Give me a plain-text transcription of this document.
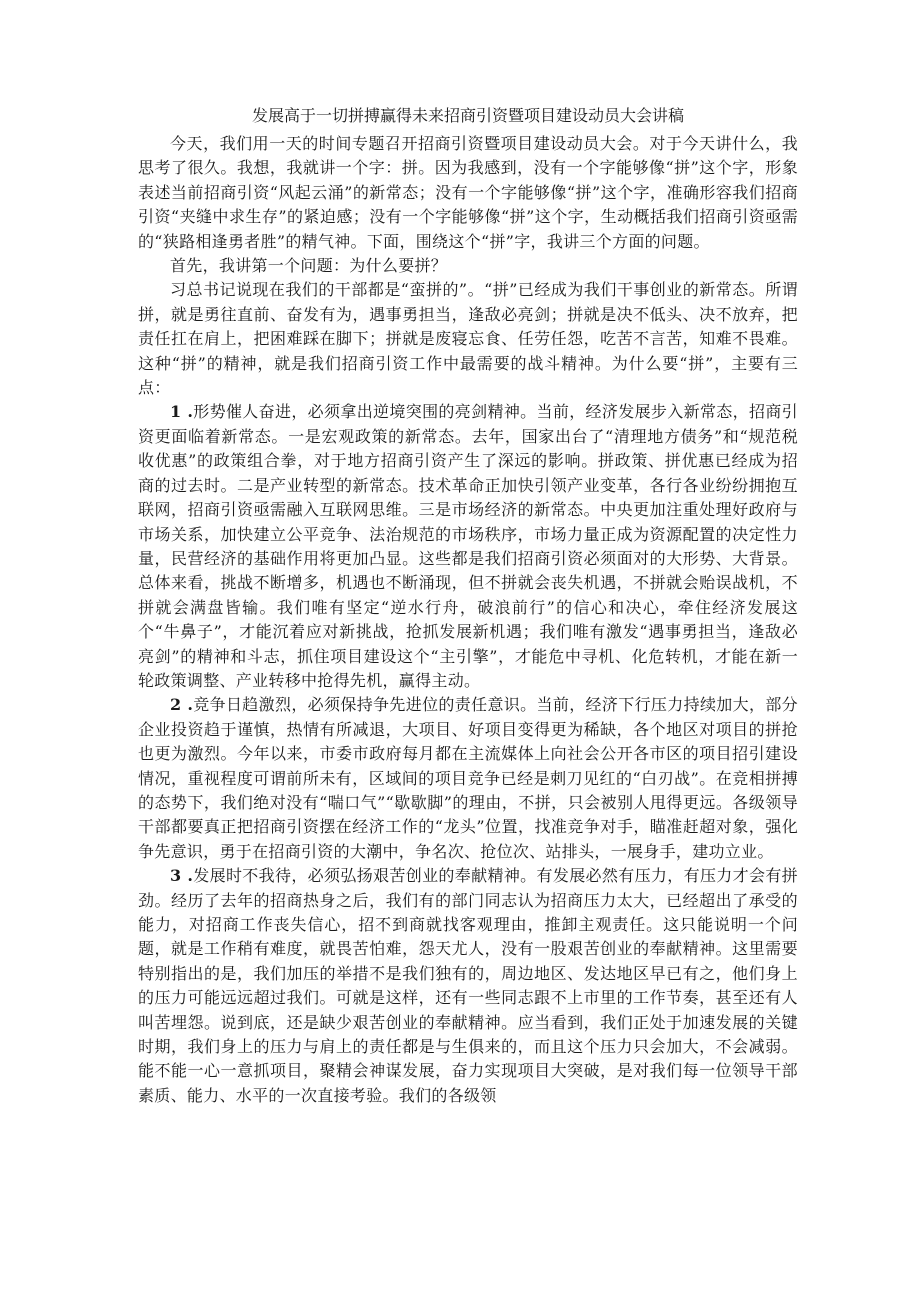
发展高于一切拼搏赢得未来招商引资暨项目建设动员大会讲稿

今天，我们用一天的时间专题召开招商引资暨项目建设动员大会。对于今天讲什么，我思考了很久。我想，我就讲一个字：拼。因为我感到，没有一个字能够像“拼”这个字，形象表述当前招商引资“风起云涌”的新常态；没有一个字能够像“拼”这个字，准确形容我们招商引资“夹缝中求生存”的紧迫感；没有一个字能够像“拼”这个字，生动概括我们招商引资亟需的“狭路相逢勇者胜”的精气神。下面，围绕这个“拼”字，我讲三个方面的问题。

首先，我讲第一个问题：为什么要拼？

习总书记说现在我们的干部都是“蛮拼的”。“拼”已经成为我们干事创业的新常态。所谓拼，就是勇往直前、奋发有为，遇事勇担当，逢敌必亮剑；拼就是决不低头、决不放弃，把责任扛在肩上，把困难踩在脚下；拼就是废寝忘食、任劳任怨，吃苦不言苦，知难不畏难。这种“拼”的精神，就是我们招商引资工作中最需要的战斗精神。为什么要“拼”，主要有三点：

1 .形势催人奋进，必须拿出逆境突围的亮剑精神。当前，经济发展步入新常态，招商引资更面临着新常态。一是宏观政策的新常态。去年，国家出台了“清理地方债务”和“规范税收优惠”的政策组合拳，对于地方招商引资产生了深远的影响。拼政策、拼优惠已经成为招商的过去时。二是产业转型的新常态。技术革命正加快引领产业变革，各行各业纷纷拥抱互联网，招商引资亟需融入互联网思维。三是市场经济的新常态。中央更加注重处理好政府与市场关系，加快建立公平竞争、法治规范的市场秩序，市场力量正成为资源配置的决定性力量，民营经济的基础作用将更加凸显。这些都是我们招商引资必须面对的大形势、大背景。总体来看，挑战不断增多，机遇也不断涌现，但不拼就会丧失机遇，不拼就会贻误战机，不拼就会满盘皆输。我们唯有坚定“逆水行舟，破浪前行”的信心和决心，牵住经济发展这个“牛鼻子”，才能沉着应对新挑战，抢抓发展新机遇；我们唯有激发“遇事勇担当，逢敌必亮剑”的精神和斗志，抓住项目建设这个“主引擎”，才能危中寻机、化危转机，才能在新一轮政策调整、产业转移中抢得先机，赢得主动。

2 .竞争日趋激烈，必须保持争先进位的责任意识。当前，经济下行压力持续加大，部分企业投资趋于谨慎，热情有所减退，大项目、好项目变得更为稀缺，各个地区对项目的拼抢也更为激烈。今年以来，市委市政府每月都在主流媒体上向社会公开各市区的项目招引建设情况，重视程度可谓前所未有，区域间的项目竞争已经是刺刀见红的“白刃战”。在竞相拼搏的态势下，我们绝对没有“喘口气”“歇歇脚”的理由，不拼，只会被别人甩得更远。各级领导干部都要真正把招商引资摆在经济工作的“龙头”位置，找准竞争对手，瞄准赶超对象，强化争先意识，勇于在招商引资的大潮中，争名次、抢位次、站排头，一展身手，建功立业。

3 .发展时不我待，必须弘扬艰苦创业的奉献精神。有发展必然有压力，有压力才会有拼劲。经历了去年的招商热身之后，我们有的部门同志认为招商压力太大，已经超出了承受的能力，对招商工作丧失信心，招不到商就找客观理由，推卸主观责任。这只能说明一个问题，就是工作稍有难度，就畏苦怕难，怨天尤人，没有一股艰苦创业的奉献精神。这里需要特别指出的是，我们加压的举措不是我们独有的，周边地区、发达地区早已有之，他们身上的压力可能远远超过我们。可就是这样，还有一些同志跟不上市里的工作节奏，甚至还有人叫苦埋怨。说到底，还是缺少艰苦创业的奉献精神。应当看到，我们正处于加速发展的关键时期，我们身上的压力与肩上的责任都是与生俱来的，而且这个压力只会加大，不会减弱。能不能一心一意抓项目，聚精会神谋发展，奋力实现项目大突破，是对我们每一位领导干部素质、能力、水平的一次直接考验。我们的各级领
